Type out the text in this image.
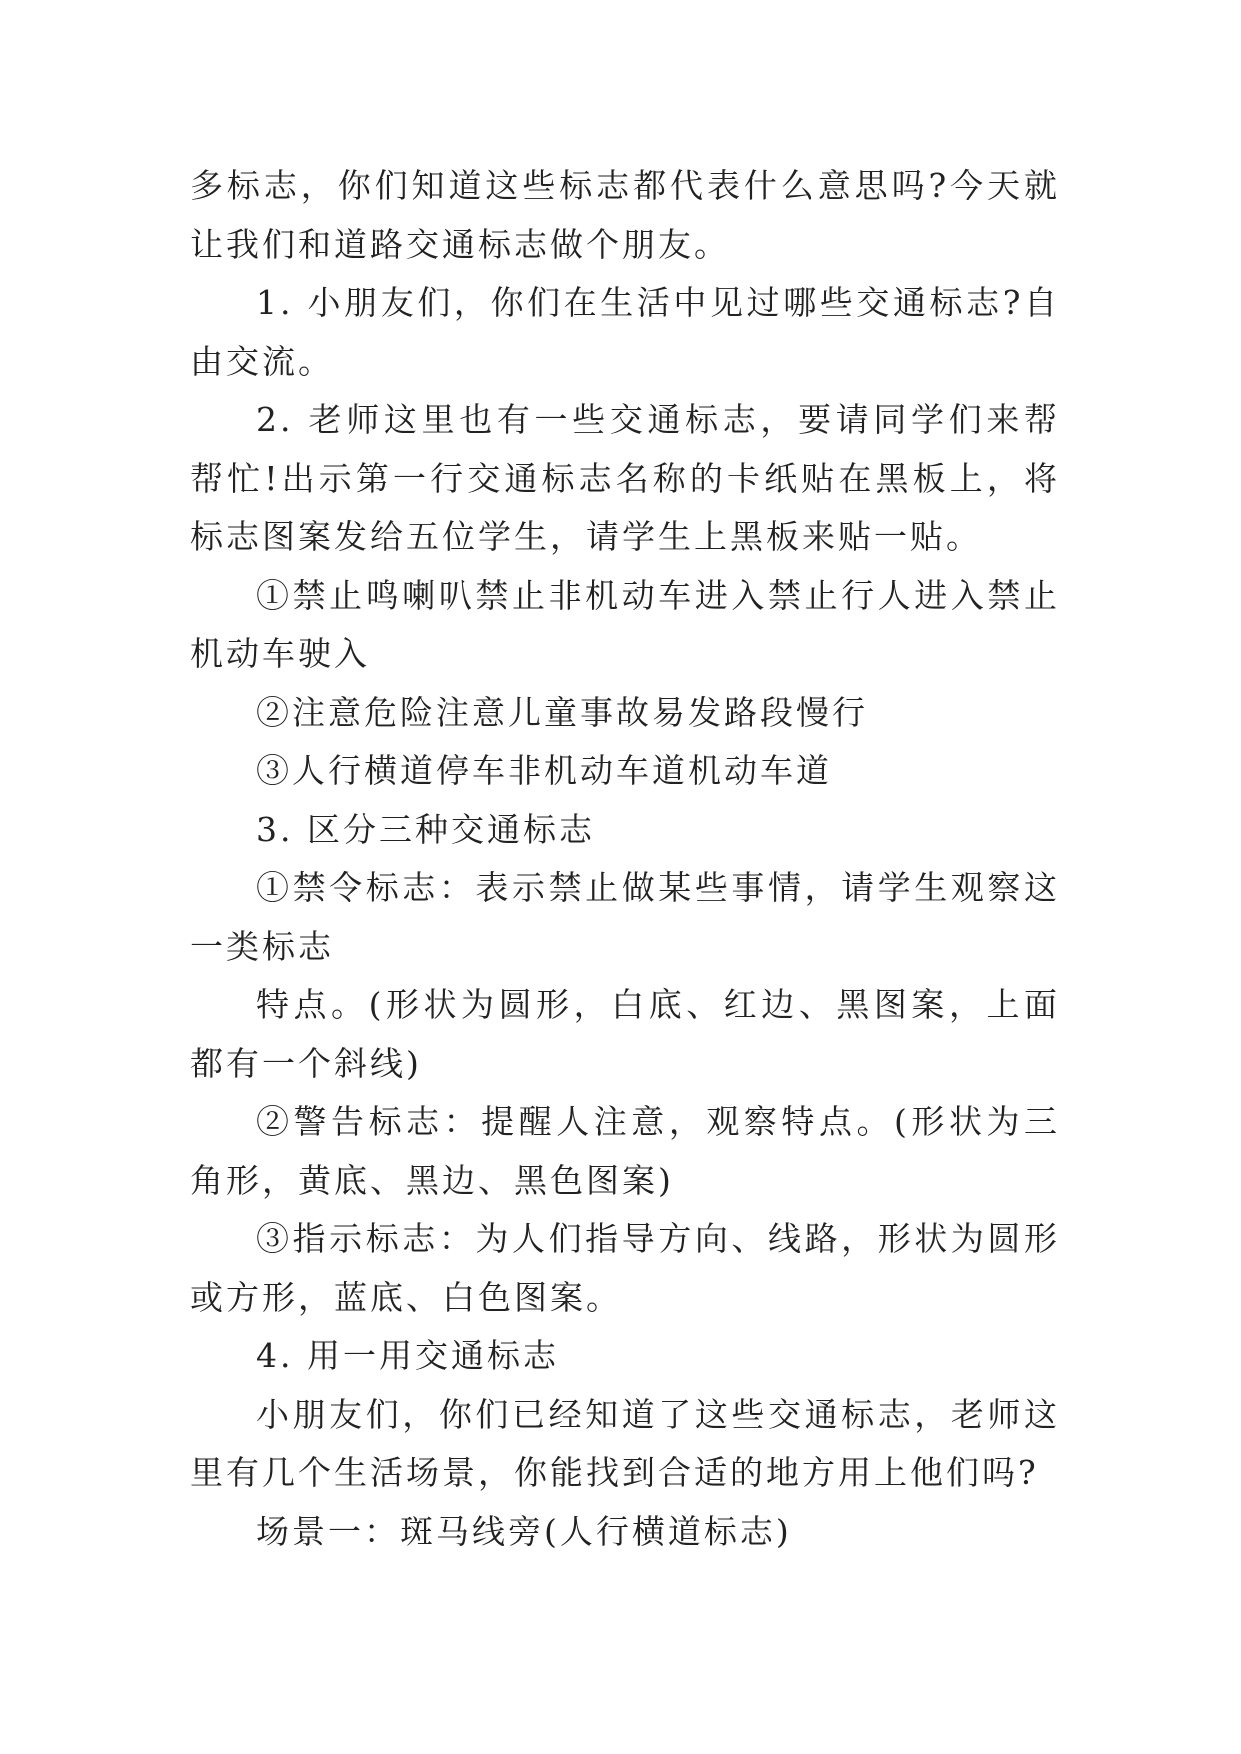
多标志，你们知道这些标志都代表什么意思吗?今天就让我们和道路交通标志做个朋友。

1. 小朋友们，你们在生活中见过哪些交通标志?自由交流。

2. 老师这里也有一些交通标志，要请同学们来帮帮忙!出示第一行交通标志名称的卡纸贴在黑板上，将标志图案发给五位学生，请学生上黑板来贴一贴。

①禁止鸣喇叭禁止非机动车进入禁止行人进入禁止机动车驶入

②注意危险注意儿童事故易发路段慢行

③人行横道停车非机动车道机动车道

3. 区分三种交通标志

①禁令标志：表示禁止做某些事情，请学生观察这一类标志

特点。(形状为圆形，白底、红边、黑图案，上面都有一个斜线)

②警告标志：提醒人注意，观察特点。(形状为三角形，黄底、黑边、黑色图案)

③指示标志：为人们指导方向、线路，形状为圆形或方形，蓝底、白色图案。

4. 用一用交通标志

小朋友们，你们已经知道了这些交通标志，老师这里有几个生活场景，你能找到合适的地方用上他们吗?

场景一：斑马线旁(人行横道标志)
